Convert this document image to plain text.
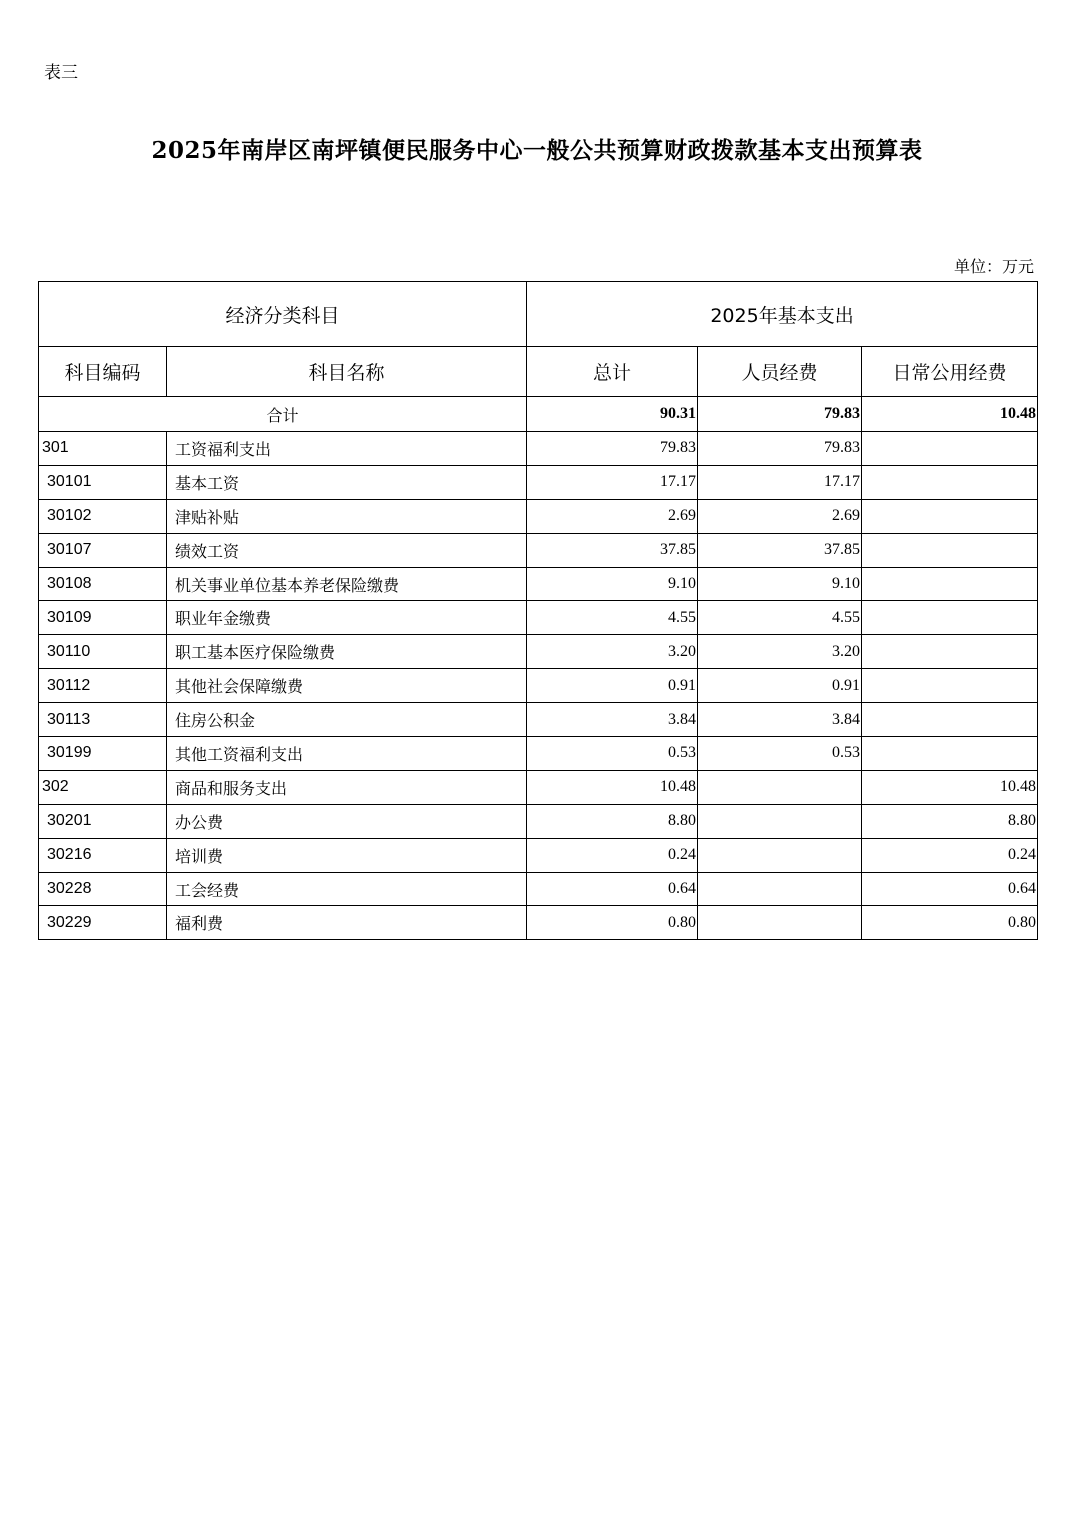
表三
2025年南岸区南坪镇便民服务中心一般公共预算财政拨款基本支出预算表
单位：万元
经济分类科目		2025年基本支出		
科目编码	科目名称	总计	人员经费	日常公用经费
合计		90.31	79.83	10.48
301	工资福利支出	79.83	79.83	
30101	基本工资	17.17	17.17	
30102	津贴补贴	2.69	2.69	
30107	绩效工资	37.85	37.85	
30108	机关事业单位基本养老保险缴费	9.10	9.10	
30109	职业年金缴费	4.55	4.55	
30110	职工基本医疗保险缴费	3.20	3.20	
30112	其他社会保障缴费	0.91	0.91	
30113	住房公积金	3.84	3.84	
30199	其他工资福利支出	0.53	0.53	
302	商品和服务支出	10.48		10.48
30201	办公费	8.80		8.80
30216	培训费	0.24		0.24
30228	工会经费	0.64		0.64
30229	福利费	0.80		0.80
